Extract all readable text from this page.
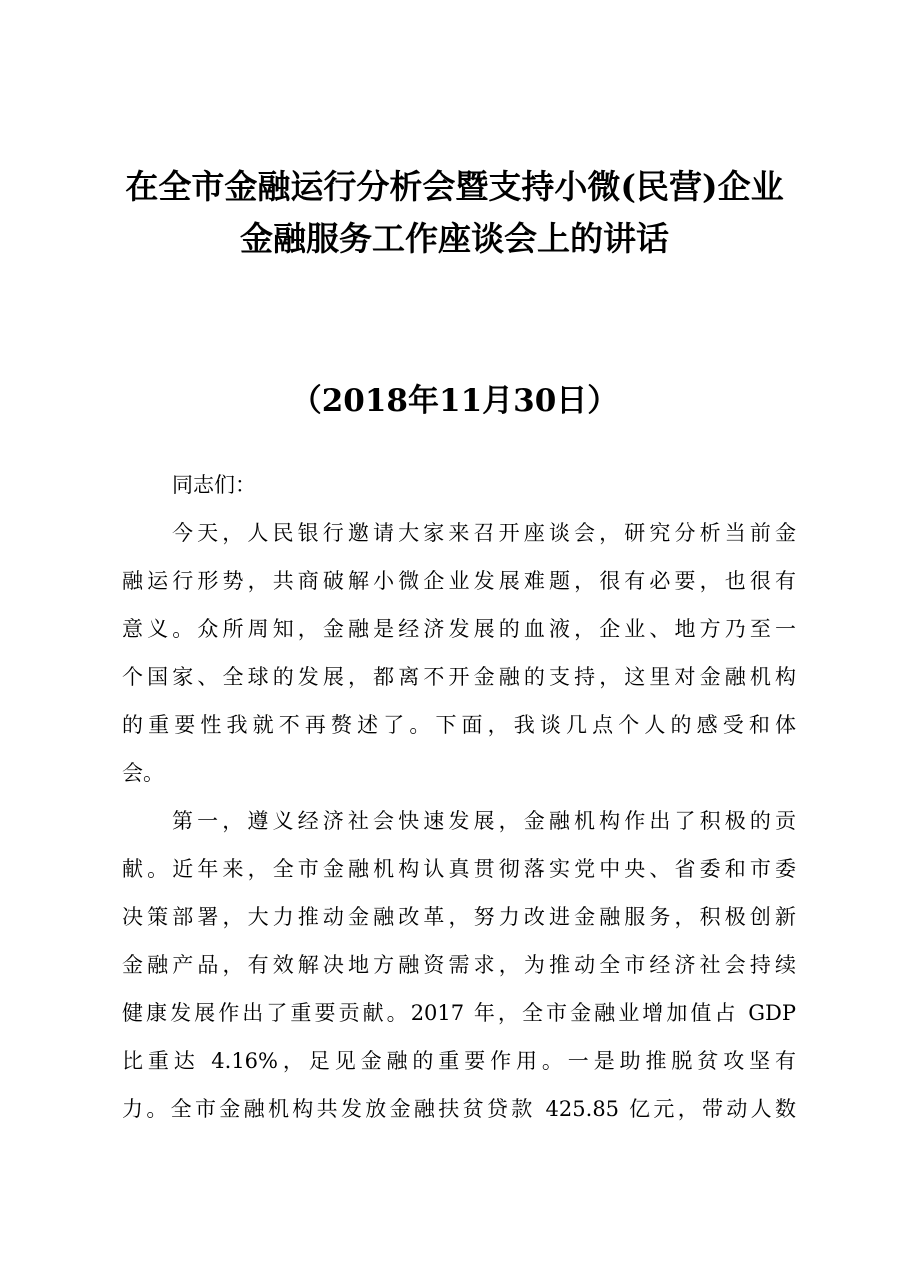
在全市金融运行分析会暨支持小微(民营)企业
金融服务工作座谈会上的讲话
（2018年11月30日）
同志们：
今天，人民银行邀请大家来召开座谈会，研究分析当前金
融运行形势，共商破解小微企业发展难题，很有必要，也很有
意义。众所周知，金融是经济发展的血液，企业、地方乃至一
个国家、全球的发展，都离不开金融的支持，这里对金融机构
的重要性我就不再赘述了。下面，我谈几点个人的感受和体
会。
第一，遵义经济社会快速发展，金融机构作出了积极的贡
献。近年来，全市金融机构认真贯彻落实党中央、省委和市委
决策部署，大力推动金融改革，努力改进金融服务，积极创新
金融产品，有效解决地方融资需求，为推动全市经济社会持续
健康发展作出了重要贡献。2017 年，全市金融业增加值占 GDP
比重达 4.16%，足见金融的重要作用。一是助推脱贫攻坚有
力。全市金融机构共发放金融扶贫贷款 425.85 亿元，带动人数
